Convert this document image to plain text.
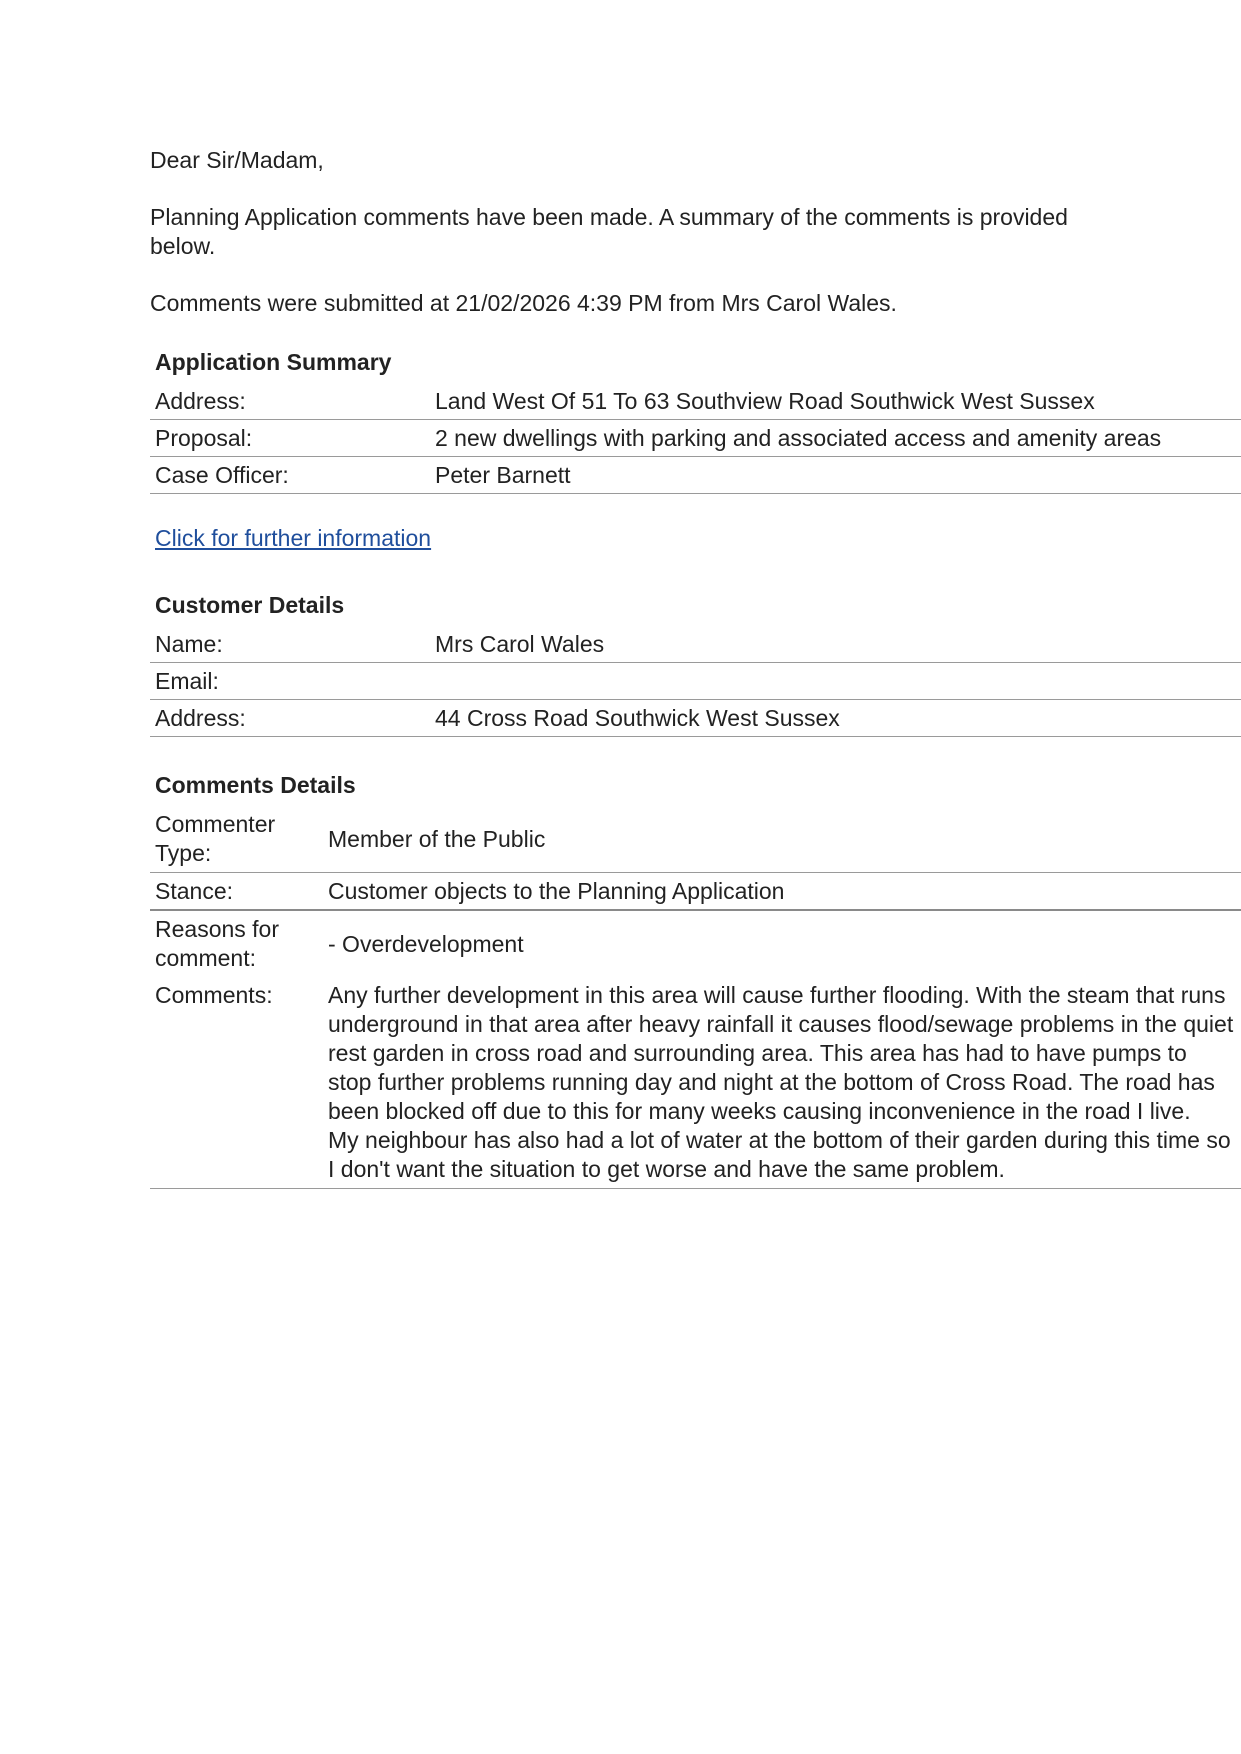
Dear Sir/Madam,

Planning Application comments have been made. A summary of the comments is provided below.

Comments were submitted at 21/02/2026 4:39 PM from Mrs Carol Wales.

Application Summary
Address:	Land West Of 51 To 63 Southview Road Southwick West Sussex
Proposal:	2 new dwellings with parking and associated access and amenity areas
Case Officer:	Peter Barnett
Click for further information
Customer Details
Name:	Mrs Carol Wales
Email:	
Address:	44 Cross Road Southwick West Sussex
Comments Details
Commenter Type:	Member of the Public
Stance:	Customer objects to the Planning Application
Reasons for comment:	- Overdevelopment
Comments:	Any further development in this area will cause further flooding. With the steam that runs underground in that area after heavy rainfall it causes flood/sewage problems in the quiet rest garden in cross road and surrounding area. This area has had to have pumps to stop further problems running day and night at the bottom of Cross Road. The road has been blocked off due to this for many weeks causing inconvenience in the road I live.
My neighbour has also had a lot of water at the bottom of their garden during this time so I don't want the situation to get worse and have the same problem.
